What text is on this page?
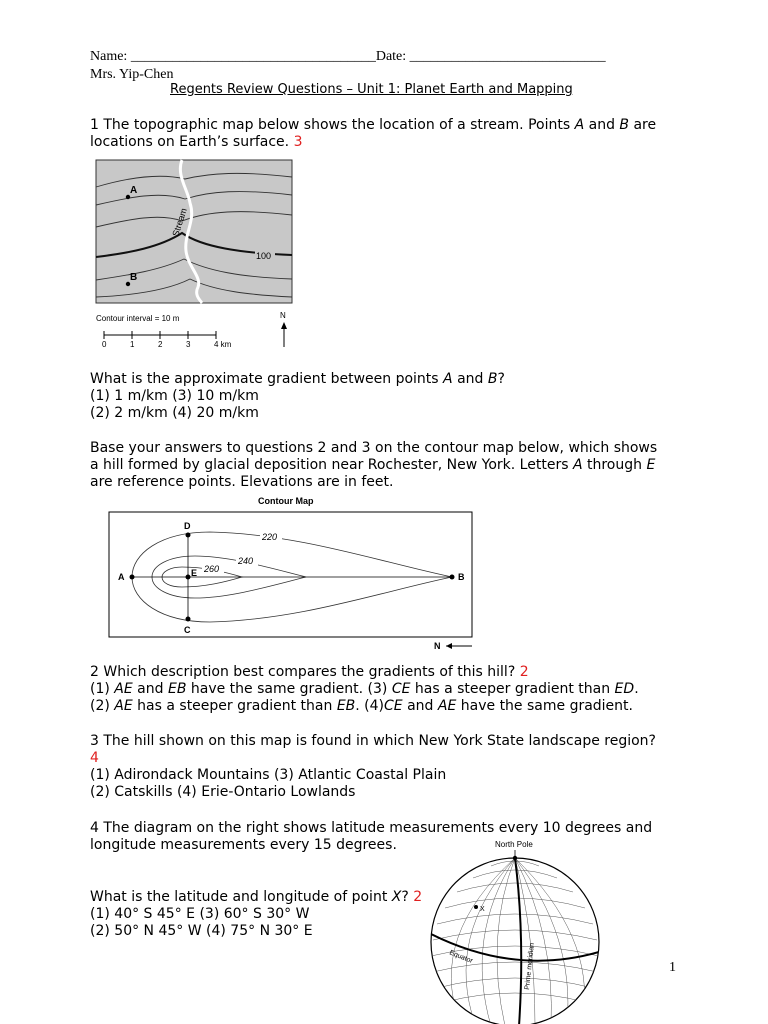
Name: ___________________________________Date: ____________________________
Mrs. Yip-Chen
Regents Review Questions – Unit 1: Planet Earth and Mapping
1 The topographic map below shows the location of a stream. Points A and B are
locations on Earth’s surface. 3
Stream
A
B
100
Contour interval = 10 m	N
0	1	2	3	4 km
What is the approximate gradient between points A and B?
(1) 1 m/km (3) 10 m/km
(2) 2 m/km (4) 20 m/km
Base your answers to questions 2 and 3 on the contour map below, which shows
a hill formed by glacial deposition near Rochester, New York. Letters A through E
are reference points. Elevations are in feet.
Contour Map
220
240
260
A	B
C
D
E
N
2 Which description best compares the gradients of this hill? 2
(1) AE and EB have the same gradient. (3) CE has a steeper gradient than ED.
(2) AE has a steeper gradient than EB. (4)CE and AE have the same gradient.
3 The hill shown on this map is found in which New York State landscape region?
4
(1) Adirondack Mountains (3) Atlantic Coastal Plain
(2) Catskills (4) Erie-Ontario Lowlands
4 The diagram on the right shows latitude measurements every 10 degrees and
longitude measurements every 15 degrees.
What is the latitude and longitude of point X? 2
(1) 40° S 45° E (3) 60° S 30° W
(2) 50° N 45° W (4) 75° N 30° E
North Pole
X
Equator	Prime meridian	1
